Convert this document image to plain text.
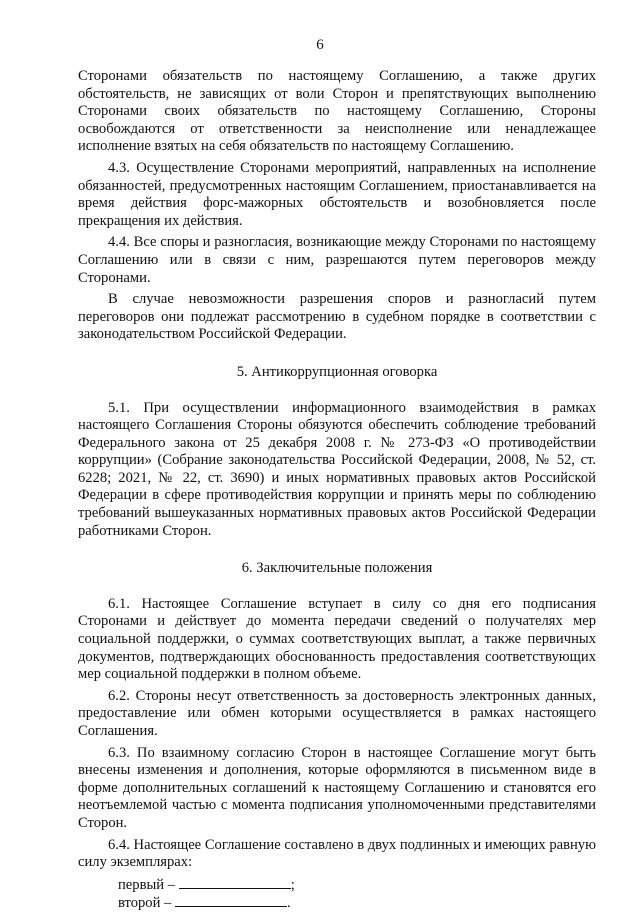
6

Сторонами обязательств по настоящему Соглашению, а также других обстоятельств, не зависящих от воли Сторон и препятствующих выполнению Сторонами своих обязательств по настоящему Соглашению, Стороны освобождаются от ответственности за неисполнение или ненадлежащее исполнение взятых на себя обязательств по настоящему Соглашению.

4.3. Осуществление Сторонами мероприятий, направленных на исполнение обязанностей, предусмотренных настоящим Соглашением, приостанавливается на время действия форс-мажорных обстоятельств и возобновляется после прекращения их действия.

4.4. Все споры и разногласия, возникающие между Сторонами по настоящему Соглашению или в связи с ним, разрешаются путем переговоров между Сторонами.

В случае невозможности разрешения споров и разногласий путем переговоров они подлежат рассмотрению в судебном порядке в соответствии с законодательством Российской Федерации.

5. Антикоррупционная оговорка

5.1. При осуществлении информационного взаимодействия в рамках настоящего Соглашения Стороны обязуются обеспечить соблюдение требований Федерального закона от 25 декабря 2008 г. № 273-ФЗ «О противодействии коррупции» (Собрание законодательства Российской Федерации, 2008, № 52, ст. 6228; 2021, № 22, ст. 3690) и иных нормативных правовых актов Российской Федерации в сфере противодействия коррупции и принять меры по соблюдению требований вышеуказанных нормативных правовых актов Российской Федерации работниками Сторон.

6. Заключительные положения

6.1. Настоящее Соглашение вступает в силу со дня его подписания Сторонами и действует до момента передачи сведений о получателях мер социальной поддержки, о суммах соответствующих выплат, а также первичных документов, подтверждающих обоснованность предоставления соответствующих мер социальной поддержки в полном объеме.

6.2. Стороны несут ответственность за достоверность электронных данных, предоставление или обмен которыми осуществляется в рамках настоящего Соглашения.

6.3. По взаимному согласию Сторон в настоящее Соглашение могут быть внесены изменения и дополнения, которые оформляются в письменном виде в форме дополнительных соглашений к настоящему Соглашению и становятся его неотъемлемой частью с момента подписания уполномоченными представителями Сторон.

6.4. Настоящее Соглашение составлено в двух подлинных и имеющих равную силу экземплярах:

первый –	;
второй –	.
